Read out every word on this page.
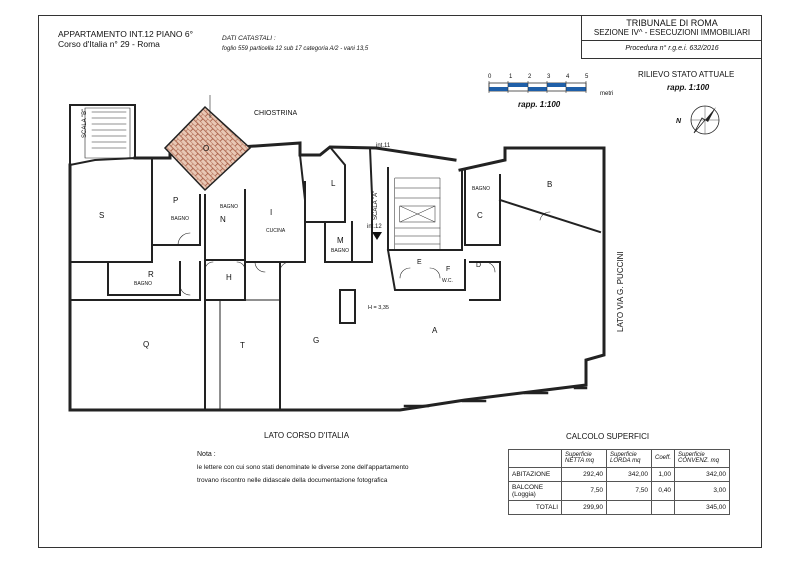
APPARTAMENTO INT.12 PIANO 6°
Corso d'Italia n° 29 - Roma
DATI CATASTALI :
foglio 559 particella 12 sub 17 categoria A/2 - vani 13,5
TRIBUNALE DI ROMA
SEZIONE IV^ - ESECUZIONI IMMOBILIARI
Procedura n° r.g.e.i. 632/2016
0	1	2	3	4	5
metri
rapp. 1:100
RILIEVO STATO ATTUALE
rapp. 1:100
N
CHIOSTRINA
SCALA "B"
SCALA "A"
int.11
int.12
H = 3,35	LATO VIA G. PUCCINI
LATO CORSO D'ITALIA
A
B
C
D
E
F
G
H
I
L
M
N
O
P
Q
R
S
T
BAGNO
BAGNO
CUCINA
BAGNO
BAGNO
BAGNO	W.C.
Nota :
le lettere con cui sono stati denominate le diverse zone dell'appartamento
trovano riscontro nelle didascale della documentazione fotografica
CALCOLO SUPERFICI
	Superficie NETTA mq	Superficie LORDA mq	Coeff.	Superficie CONVENZ. mq
ABITAZIONE	292,40	342,00	1,00	342,00
BALCONE (Loggia)	7,50	7,50	0,40	3,00
TOTALI	299,90			345,00
